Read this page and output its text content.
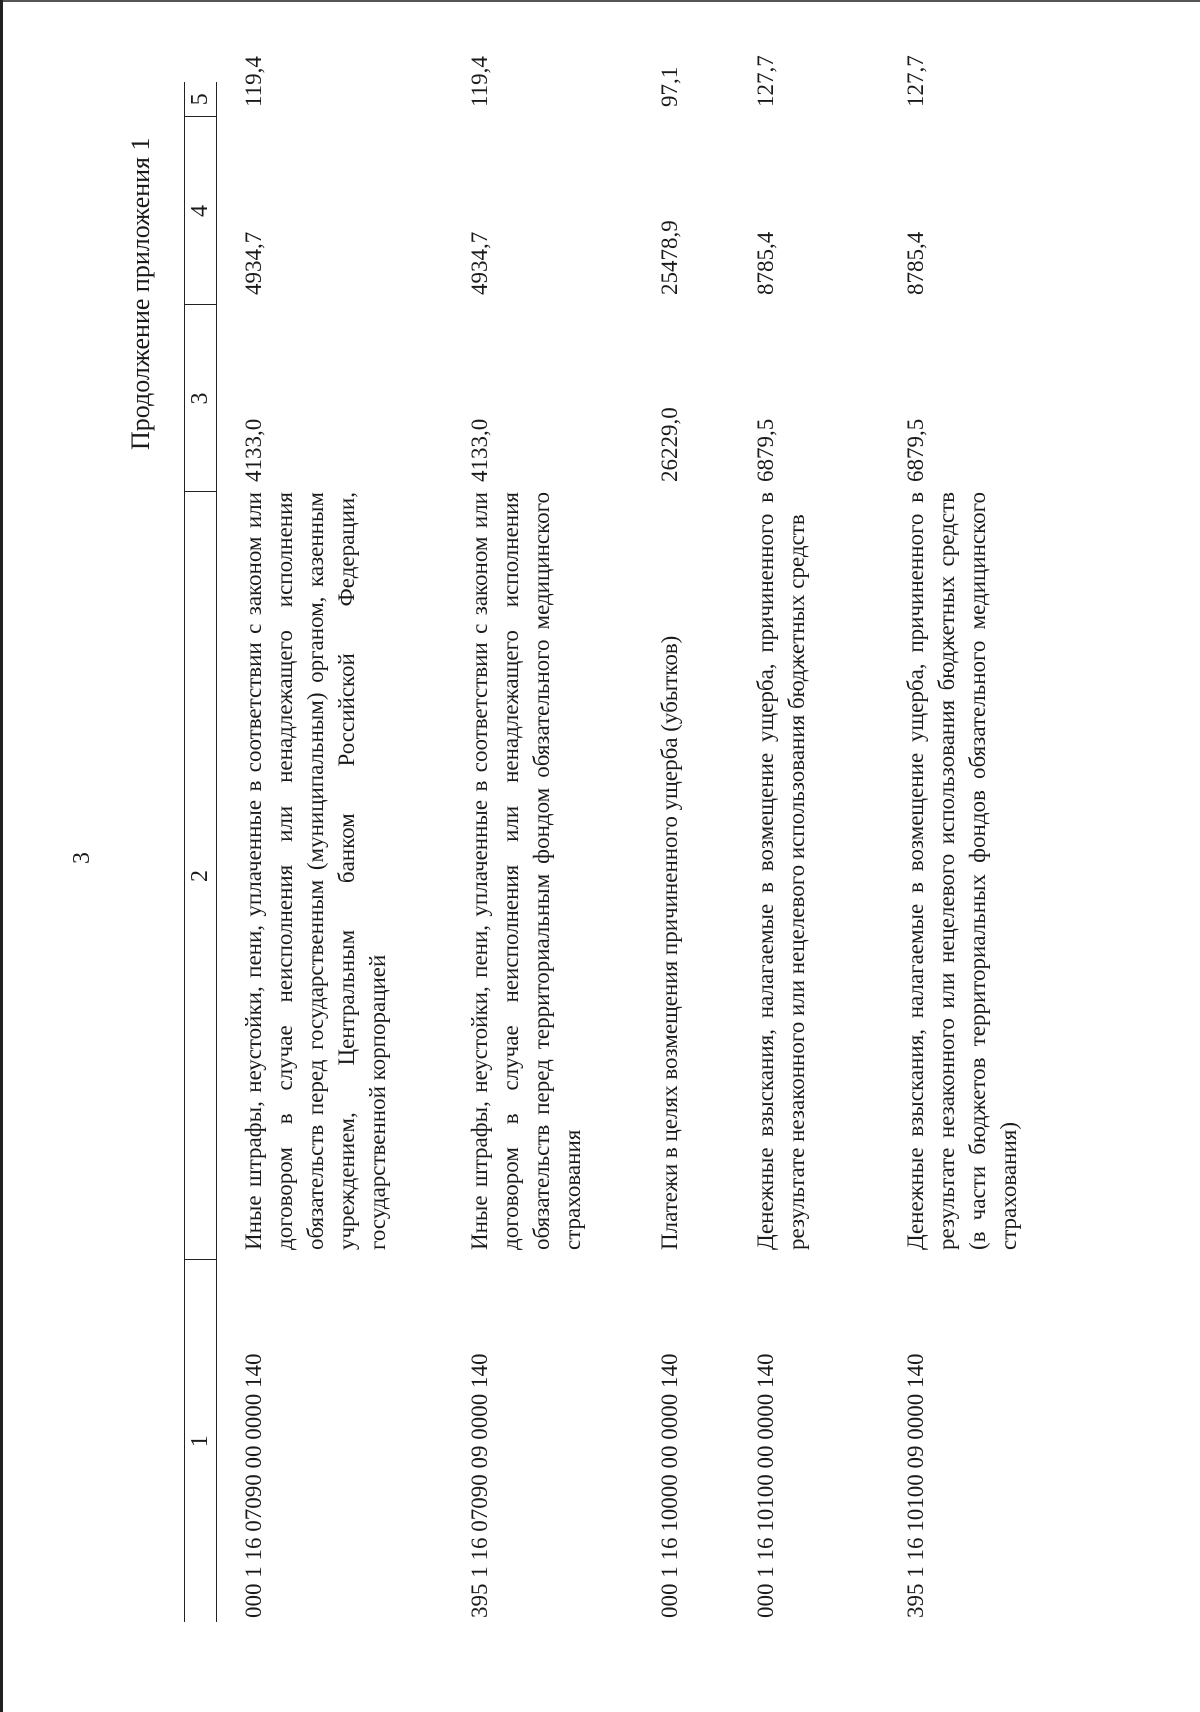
3
Продолжение приложения 1
1	2	3	4	5
000 1 16 07090 00 0000 140	Иные штрафы, неустойки, пени, уплаченные в соответствии с законом или договором в случае неисполнения или ненадлежащего исполнения обязательств перед государственным (муниципальным) органом, казенным учреждением, Центральным банком Российской Федерации, государственной корпорацией	4133,0	4934,7	119,4
395 1 16 07090 09 0000 140	Иные штрафы, неустойки, пени, уплаченные в соответствии с законом или договором в случае неисполнения или ненадлежащего исполнения обязательств перед территориальным фондом обязательного медицинского страхования	4133,0	4934,7	119,4
000 1 16 10000 00 0000 140	Платежи в целях возмещения причиненного ущерба (убытков)	26229,0	25478,9	97,1
000 1 16 10100 00 0000 140	Денежные взыскания, налагаемые в возмещение ущерба, причиненного в результате незаконного или нецелевого использования бюджетных средств	6879,5	8785,4	127,7
395 1 16 10100 09 0000 140	Денежные взыскания, налагаемые в возмещение ущерба, причиненного в результате незаконного или нецелевого использования бюджетных средств (в части бюджетов территориальных фондов обязательного медицинского страхования)	6879,5	8785,4	127,7
